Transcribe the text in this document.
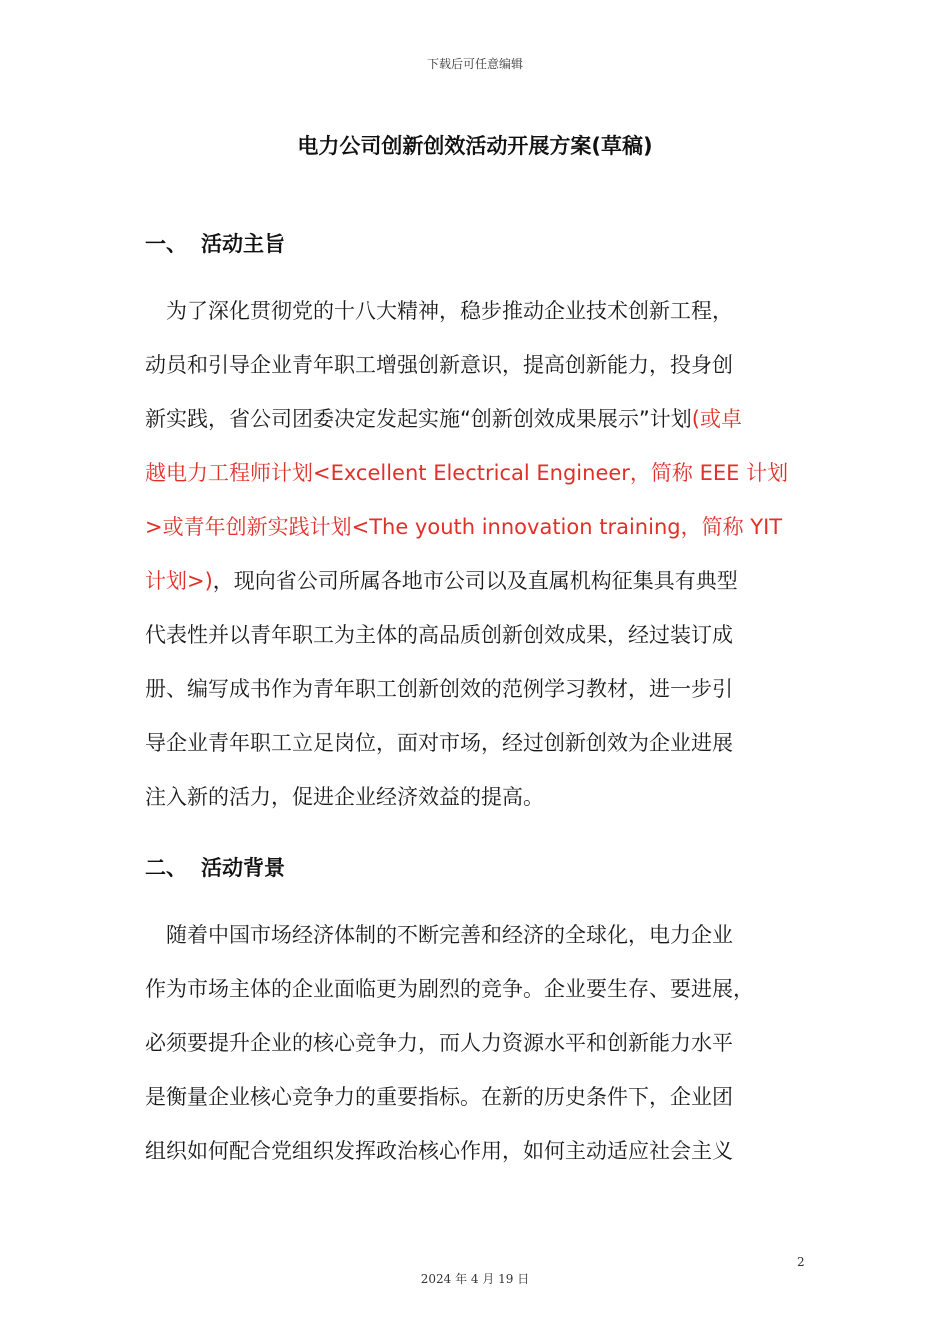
下载后可任意编辑
电力公司创新创效活动开展方案(草稿)
一、 活动主旨
　为了深化贯彻党的十八大精神，稳步推动企业技术创新工程，
动员和引导企业青年职工增强创新意识，提高创新能力，投身创
新实践，省公司团委决定发起实施“创新创效成果展示”计划(或卓
越电力工程师计划<Excellent Electrical Engineer，简称 EEE 计划
>或青年创新实践计划<The youth innovation training，简称 YIT
计划>)，现向省公司所属各地市公司以及直属机构征集具有典型
代表性并以青年职工为主体的高品质创新创效成果，经过装订成
册、编写成书作为青年职工创新创效的范例学习教材，进一步引
导企业青年职工立足岗位，面对市场，经过创新创效为企业进展
注入新的活力，促进企业经济效益的提高。
二、 活动背景
　随着中国市场经济体制的不断完善和经济的全球化，电力企业
作为市场主体的企业面临更为剧烈的竞争。企业要生存、要进展，
必须要提升企业的核心竞争力，而人力资源水平和创新能力水平
是衡量企业核心竞争力的重要指标。在新的历史条件下，企业团
组织如何配合党组织发挥政治核心作用，如何主动适应社会主义
2
2024 年 4 月 19 日
